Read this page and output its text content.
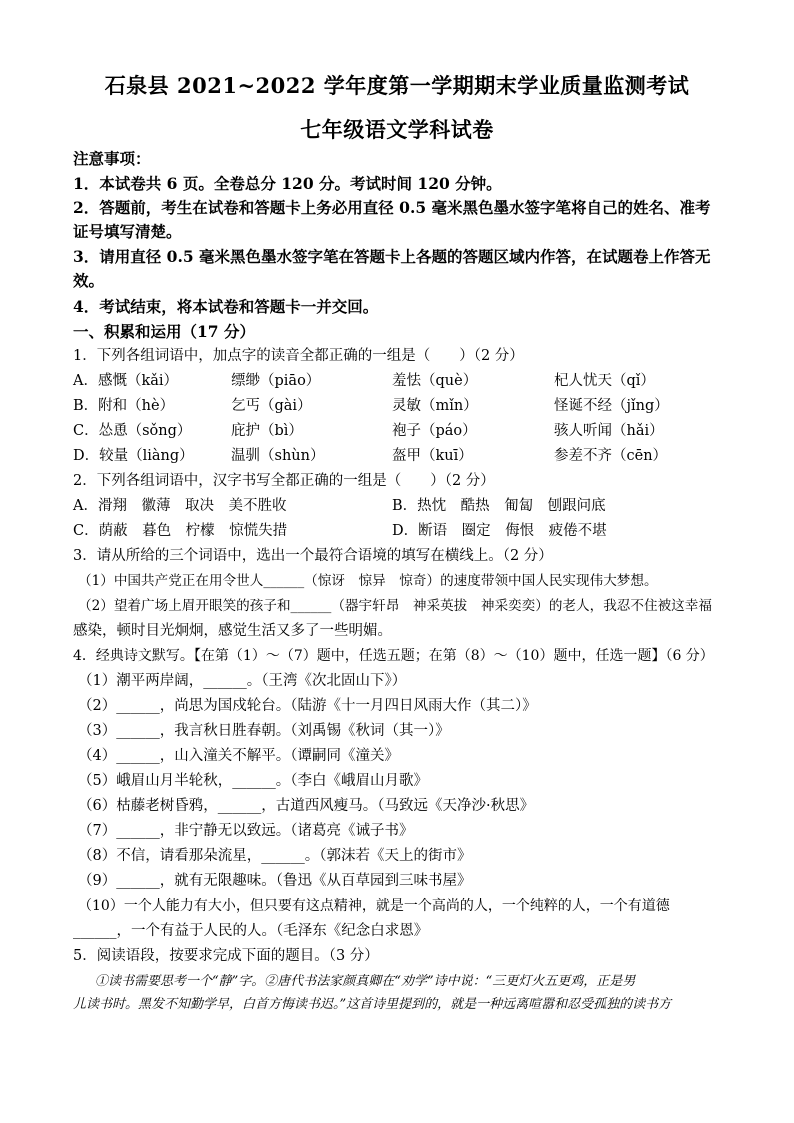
石泉县 2021~2022 学年度第一学期期末学业质量监测考试
七年级语文学科试卷
注意事项：
1．本试卷共 6 页。全卷总分 120 分。考试时间 120 分钟。
2．答题前，考生在试卷和答题卡上务必用直径 0.5 毫米黑色墨水签字笔将自己的姓名、准考
证号填写清楚。
3．请用直径 0.5 毫米黑色墨水签字笔在答题卡上各题的答题区域内作答，在试题卷上作答无
效。
4．考试结束，将本试卷和答题卡一并交回。
一、积累和运用（17 分）
1．下列各组词语中，加点字的读音全都正确的一组是（　　）（2 分）
A．感慨（kǎi）	缥缈（piāo）	羞怯（què）	杞人忧天（qǐ）
B．附和（hè）	乞丐（gài）	灵敏（mǐn）	怪诞不经（jǐng）
C．怂恿（sǒng）	庇护（bì）	袍子（páo）	骇人听闻（hǎi）
D．较量（liàng）	温驯（shùn）	盔甲（kuī）	参差不齐（cēn）
2．下列各组词语中，汉字书写全都正确的一组是（　　）（2 分）
A．滑翔　徽薄　取决　美不胜收	B．热忱　酷热　匍匐　刨跟问底
C．荫蔽　暮色　柠檬　惊慌失措	D．断语　圈定　侮恨　疲倦不堪
3．请从所给的三个词语中，选出一个最符合语境的填写在横线上。（2 分）
（1）中国共产党正在用令世人______（惊讶　惊异　惊奇）的速度带领中国人民实现伟大梦想。
（2）望着广场上眉开眼笑的孩子和______（器宇轩昂　神采英拔　神采奕奕）的老人，我忍不住被这幸福
感染，顿时目光炯炯，感觉生活又多了一些明媚。
4．经典诗文默写。【在第（1）～（7）题中，任选五题；在第（8）～（10）题中，任选一题】（6 分）
（1）潮平两岸阔，______。（王湾《次北固山下》）
（2）______，尚思为国戍轮台。（陆游《十一月四日风雨大作（其二）》
（3）______，我言秋日胜春朝。（刘禹锡《秋词（其一）》
（4）______，山入潼关不解平。（谭嗣同《潼关》
（5）峨眉山月半轮秋，______。（李白《峨眉山月歌》
（6）枯藤老树昏鸦，______，古道西风瘦马。（马致远《天净沙·秋思》
（7）______，非宁静无以致远。（诸葛亮《诫子书》
（8）不信，请看那朵流星，______。（郭沫若《天上的街市》
（9）______，就有无限趣味。（鲁迅《从百草园到三味书屋》
（10）一个人能力有大小，但只要有这点精神，就是一个高尚的人，一个纯粹的人，一个有道德
______，一个有益于人民的人。（毛泽东《纪念白求恩》
5．阅读语段，按要求完成下面的题目。（3 分）
①读书需要思考一个“静”字。②唐代书法家颜真卿在“劝学”诗中说：“三更灯火五更鸡，正是男
儿读书时。黑发不知勤学早，白首方悔读书迟。”这首诗里提到的，就是一种远离喧嚣和忍受孤独的读书方
